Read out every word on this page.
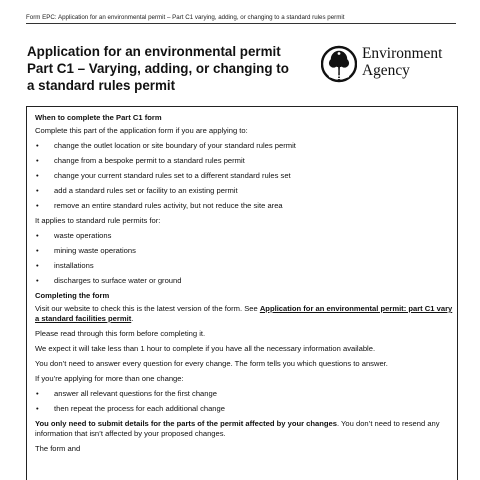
Form EPC: Application for an environmental permit – Part C1 varying, adding, or changing to a standard rules permit
Application for an environmental permit Part C1 – Varying, adding, or changing to a standard rules permit
Environment
Agency
When to complete the Part C1 form
Complete this part of the application form if you are applying to:
• change the outlet location or site boundary of your standard rules permit
• change from a bespoke permit to a standard rules permit
• change your current standard rules set to a different standard rules set
• add a standard rules set or facility to an existing permit
• remove an entire standard rules activity, but not reduce the site area
It applies to standard rule permits for:
• waste operations
• mining waste operations
• installations
• discharges to surface water or ground
Completing the form
Visit our website to check this is the latest version of the form. See Application for an environmental permit: part C1 vary a standard facilities permit.
Please read through this form before completing it.
We expect it will take less than 1 hour to complete if you have all the necessary information available.
You don’t need to answer every question for every change. The form tells you which questions to answer.
If you’re applying for more than one change:
• answer all relevant questions for the first change
• then repeat the process for each additional change
You only need to submit details for the parts of the permit affected by your changes. You don’t need to resend any information that isn’t affected by your proposed changes.
The form and
